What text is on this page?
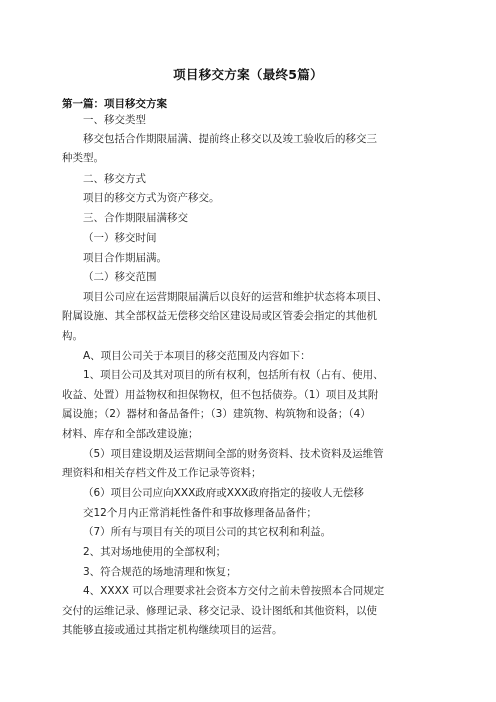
项目移交方案（最终5篇）
第一篇：项目移交方案
一、移交类型
移交包括合作期限届满、提前终止移交以及竣工验收后的移交三
种类型。
二、移交方式
项目的移交方式为资产移交。
三、合作期限届满移交
（一）移交时间
项目合作期届满。
（二）移交范围
项目公司应在运营期限届满后以良好的运营和维护状态将本项目、
附属设施、其全部权益无偿移交给区建设局或区管委会指定的其他机
构。
A、项目公司关于本项目的移交范围及内容如下：
1、项目公司及其对项目的所有权利，包括所有权（占有、使用、
收益、处置）用益物权和担保物权，但不包括债券。（1）项目及其附
属设施；（2）器材和备品备件；（3）建筑物、构筑物和设备；（4）
材料、库存和全部改建设施；
（5）项目建设期及运营期间全部的财务资料、技术资料及运维管
理资料和相关存档文件及工作记录等资料；
（6）项目公司应向XXX政府或XXX政府指定的接收人无偿移
交12个月内正常消耗性备件和事故修理备品备件；
（7）所有与项目有关的项目公司的其它权利和利益。
2、其对场地使用的全部权利；
3、符合规范的场地清理和恢复；
4、XXXX 可以合理要求社会资本方交付之前未曾按照本合同规定
交付的运维记录、修理记录、移交记录、设计图纸和其他资料，以使
其能够直接或通过其指定机构继续项目的运营。
